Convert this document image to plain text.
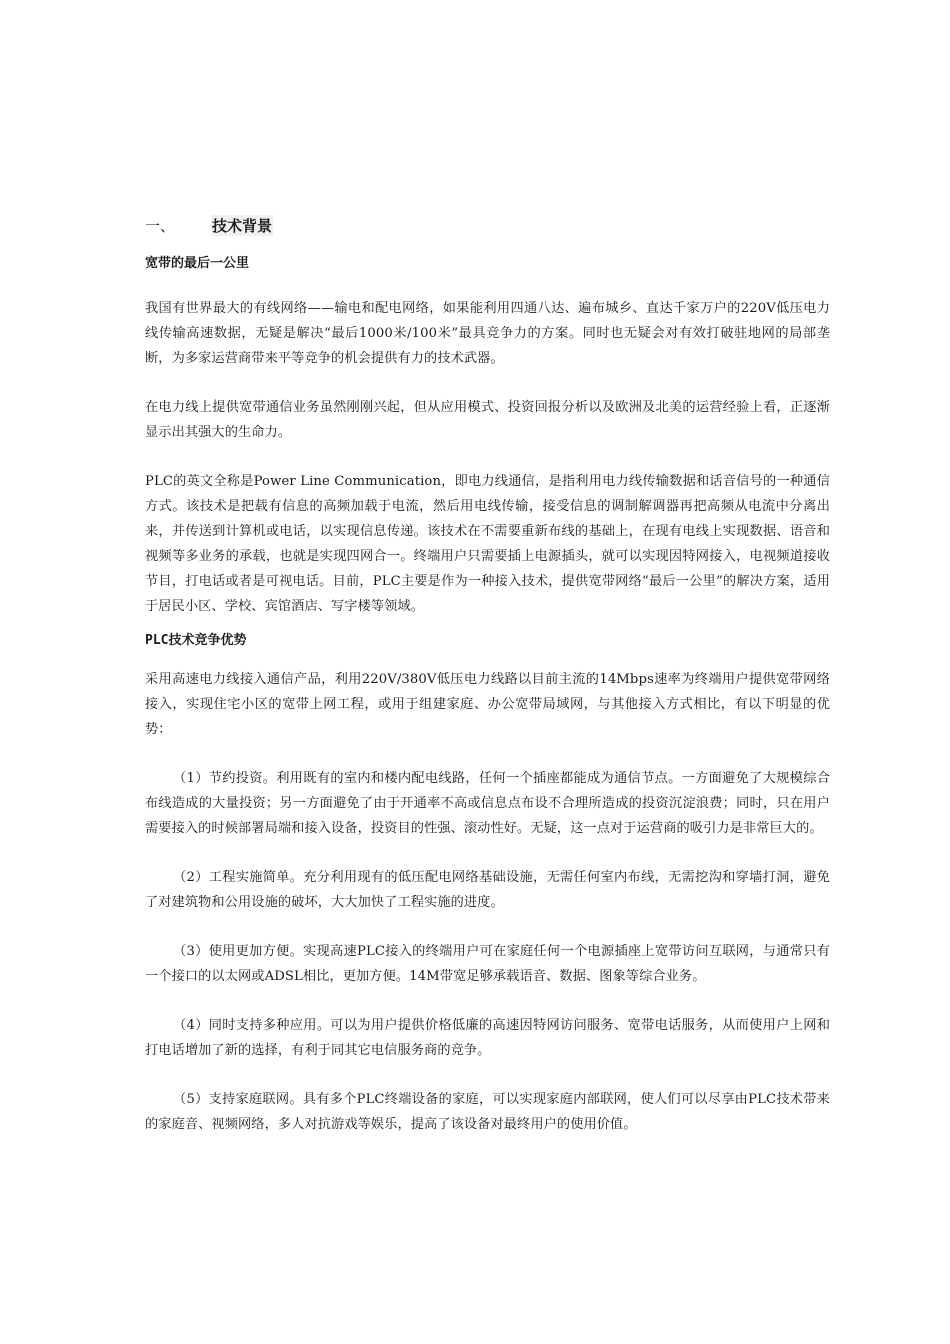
一、	技术背景
宽带的最后一公里

我国有世界最大的有线网络——输电和配电网络，如果能利用四通八达、遍布城乡、直达千家万户的220V低压电力线传输高速数据，无疑是解决“最后1000米/100米”最具竞争力的方案。同时也无疑会对有效打破驻地网的局部垄断，为多家运营商带来平等竞争的机会提供有力的技术武器。

在电力线上提供宽带通信业务虽然刚刚兴起，但从应用模式、投资回报分析以及欧洲及北美的运营经验上看，正逐渐显示出其强大的生命力。

PLC的英文全称是Power Line Communication，即电力线通信，是指利用电力线传输数据和话音信号的一种通信方式。该技术是把载有信息的高频加载于电流，然后用电线传输，接受信息的调制解调器再把高频从电流中分离出来，并传送到计算机或电话，以实现信息传递。该技术在不需要重新布线的基础上，在现有电线上实现数据、语音和视频等多业务的承载，也就是实现四网合一。终端用户只需要插上电源插头，就可以实现因特网接入，电视频道接收节目，打电话或者是可视电话。目前，PLC主要是作为一种接入技术，提供宽带网络“最后一公里”的解决方案，适用于居民小区、学校、宾馆酒店、写字楼等领域。

PLC技术竞争优势

采用高速电力线接入通信产品，利用220V/380V低压电力线路以目前主流的14Mbps速率为终端用户提供宽带网络接入，实现住宅小区的宽带上网工程，或用于组建家庭、办公宽带局域网，与其他接入方式相比，有以下明显的优势：

（1）节约投资。利用既有的室内和楼内配电线路，任何一个插座都能成为通信节点。一方面避免了大规模综合布线造成的大量投资；另一方面避免了由于开通率不高或信息点布设不合理所造成的投资沉淀浪费；同时，只在用户需要接入的时候部署局端和接入设备，投资目的性强、滚动性好。无疑，这一点对于运营商的吸引力是非常巨大的。

（2）工程实施简单。充分利用现有的低压配电网络基础设施，无需任何室内布线，无需挖沟和穿墙打洞，避免了对建筑物和公用设施的破坏，大大加快了工程实施的进度。

（3）使用更加方便。实现高速PLC接入的终端用户可在家庭任何一个电源插座上宽带访问互联网，与通常只有一个接口的以太网或ADSL相比，更加方便。14M带宽足够承载语音、数据、图象等综合业务。

（4）同时支持多种应用。可以为用户提供价格低廉的高速因特网访问服务、宽带电话服务，从而使用户上网和打电话增加了新的选择，有利于同其它电信服务商的竞争。

（5）支持家庭联网。具有多个PLC终端设备的家庭，可以实现家庭内部联网，使人们可以尽享由PLC技术带来的家庭音、视频网络，多人对抗游戏等娱乐，提高了该设备对最终用户的使用价值。
